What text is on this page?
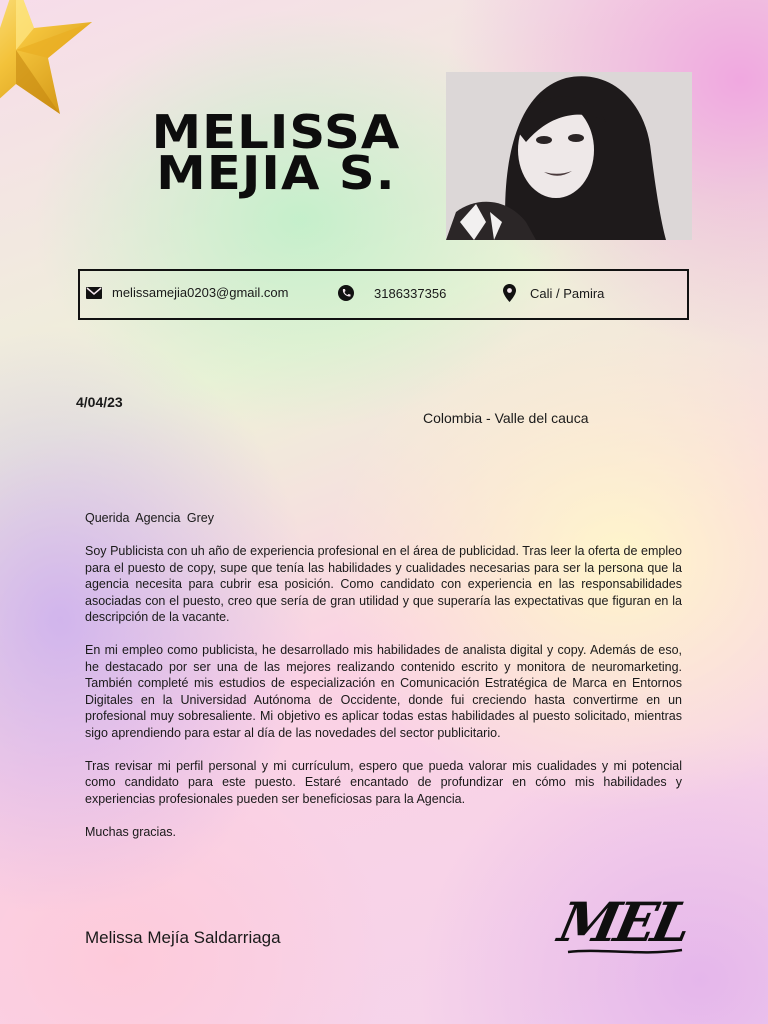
MELISSA
MEJIA S.
melissamejia0203@gmail.com	3186337356	Cali / Pamira
4/04/23
Colombia - Valle del cauca

Querida Agencia Grey

Soy Publicista con uh año de experiencia profesional en el área de publicidad. Tras leer la oferta de empleo para el puesto de copy, supe que tenía las habilidades y cualidades necesarias para ser la persona que la agencia necesita para cubrir esa posición. Como candidato con experiencia en las responsabilidades asociadas con el puesto, creo que sería de gran utilidad y que superaría las expectativas que figuran en la descripción de la vacante.

En mi empleo como publicista, he desarrollado mis habilidades de analista digital y copy. Además de eso, he destacado por ser una de las mejores realizando contenido escrito y monitora de neuromarketing. También completé mis estudios de especialización en Comunicación Estratégica de Marca en Entornos Digitales en la Universidad Autónoma de Occidente, donde fui creciendo hasta convertirme en un profesional muy sobresaliente. Mi objetivo es aplicar todas estas habilidades al puesto solicitado, mientras sigo aprendiendo para estar al día de las novedades del sector publicitario.

Tras revisar mi perfil personal y mi currículum, espero que pueda valorar mis cualidades y mi potencial como candidato para este puesto. Estaré encantado de profundizar en cómo mis habilidades y experiencias profesionales pueden ser beneficiosas para la Agencia.

Muchas gracias.

Melissa Mejía Saldarriaga	MEL
